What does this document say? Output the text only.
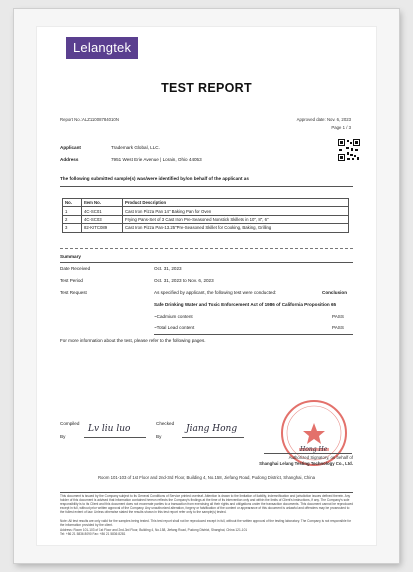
Lelangtek
TEST REPORT
Report No.:ALZ11008784010N	Approved date: Nov. 6, 2023
Page 1 / 3
Applicant	Trademark Global, LLC.
Address	7951 West Erie Avenue | Lorain, Ohio 44053
The following submitted sample(s) was/were identified by/on behalf of the applicant as
No.	Item No.	Product Description
1	4C-SC01	Cast Iron Pizza Pan 14" Baking Pan for Oven
2	4C-SC03	Frying Pans-Set of 3 Cast Iron Pre-Seasoned Nonstick Skillets in 10", 8", 6"
3	82-KITC089	Cast Iron Pizza Pan-13.25"Pre-Seasoned Skillet for Cooking, Baking, Grilling
Summary
Date Received	Oct. 31, 2023
Test Period	Oct. 31, 2023 to Nov. 6, 2023
Test Request	As specified by applicant, the following test were conducted:	Conclusion
Safe Drinking Water and Toxic Enforcement Act of 1986 of California Proposition 65
~Cadmium content	PASS
~Total Lead content	PASS
For more information about the test, please refer to the following pages.
Compiled
By
Lv liu luo
Checked
By
Jiang Hong
Hong He
Authorized Signatory, on behalf of
Shanghai Lelang Testing Technology Co., Ltd.
Room 101-103 of 1st Floor and 2nd-3rd Floor, Building 4, No.158, Jiefang Road, Pudong District, Shanghai, China
This document is issued by the Company subject to its General Conditions of Service printed overleaf. Attention is drawn to the limitation of liability, indemnification and jurisdiction issues defined therein. Any holder of this document is advised that information contained hereon reflects the Company's findings at the time of its intervention only and within the limits of Client's instructions, if any. The Company's sole responsibility is to its Client and this document does not exonerate parties to a transaction from exercising all their rights and obligations under the transaction documents. This document cannot be reproduced except in full, without prior written approval of the Company. Any unauthorized alteration, forgery or falsification of the content or appearance of this document is unlawful and offenders may be prosecuted to the fullest extent of law. Unless otherwise stated the results shown in this test report refer only to the sample(s) tested.
Note: All test results are only valid for the samples being tested. This test report shall not be reproduced except in full, without the written approval of the testing laboratory. The Company is not responsible for the information provided by the client.
Address: Room 101-103 of 1st Floor and 2nd-3rd Floor, Building 4, No.158, Jiefang Road, Pudong District, Shanghai, China 121-101
Tel: +86 21 5836 8090 Fax: +86 21 5836 8281
